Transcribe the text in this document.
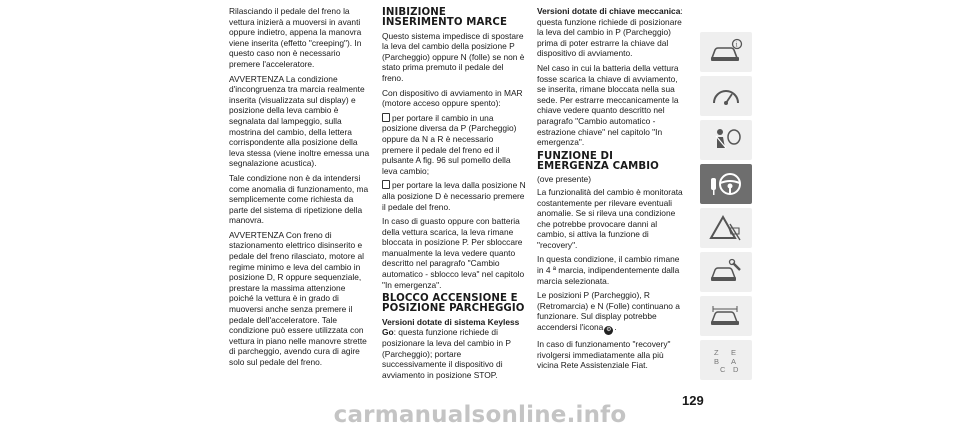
Rilasciando il pedale del freno la vettura inizierà a muoversi in avanti oppure indietro, appena la manovra viene inserita (effetto "creeping"). In questo caso non è necessario premere l'acceleratore.

AVVERTENZA La condizione d'incongruenza tra marcia realmente inserita (visualizzata sul display) e posizione della leva cambio è segnalata dal lampeggio, sulla mostrina del cambio, della lettera corrispondente alla posizione della leva stessa (viene inoltre emessa una segnalazione acustica).

Tale condizione non è da intendersi come anomalia di funzionamento, ma semplicemente come richiesta da parte del sistema di ripetizione della manovra.

AVVERTENZA Con freno di stazionamento elettrico disinserito e pedale del freno rilasciato, motore al regime minimo e leva del cambio in posizione D, R oppure sequenziale, prestare la massima attenzione poiché la vettura è in grado di muoversi anche senza premere il pedale dell'acceleratore. Tale condizione può essere utilizzata con vettura in piano nelle manovre strette di parcheggio, avendo cura di agire solo sul pedale del freno.

INIBIZIONE INSERIMENTO MARCE

Questo sistema impedisce di spostare la leva del cambio della posizione P (Parcheggio) oppure N (folle) se non è stato prima premuto il pedale del freno.

Con dispositivo di avviamento in MAR (motore acceso oppure spento):

per portare il cambio in una posizione diversa da P (Parcheggio) oppure da N a R è necessario premere il pedale del freno ed il pulsante A fig. 96 sul pomello della leva cambio;

per portare la leva dalla posizione N alla posizione D è necessario premere il pedale del freno.

In caso di guasto oppure con batteria della vettura scarica, la leva rimane bloccata in posizione P. Per sbloccare manualmente la leva vedere quanto descritto nel paragrafo "Cambio automatico - sblocco leva" nel capitolo "In emergenza".

BLOCCO ACCENSIONE E POSIZIONE PARCHEGGIO

Versioni dotate di sistema Keyless Go: questa funzione richiede di posizionare la leva del cambio in P (Parcheggio); portare successivamente il dispositivo di avviamento in posizione STOP.

Versioni dotate di chiave meccanica: questa funzione richiede di posizionare la leva del cambio in P (Parcheggio) prima di poter estrarre la chiave dal dispositivo di avviamento.

Nel caso in cui la batteria della vettura fosse scarica la chiave di avviamento, se inserita, rimane bloccata nella sua sede. Per estrarre meccanicamente la chiave vedere quanto descritto nel paragrafo "Cambio automatico - estrazione chiave" nel capitolo "In emergenza".

FUNZIONE DI EMERGENZA CAMBIO

(ove presente)

La funzionalità del cambio è monitorata costantemente per rilevare eventuali anomalie. Se si rileva una condizione che potrebbe provocare danni al cambio, si attiva la funzione di "recovery".

In questa condizione, il cambio rimane in 4 ª marcia, indipendentemente dalla marcia selezionata.

Le posizioni P (Parcheggio), R (Retromarcia) e N (Folle) continuano a funzionare. Sul display potrebbe accendersi l'icona ⚙ .

In caso di funzionamento "recovery" rivolgersi immediatamente alla più vicina Rete Assistenziale Fiat.

i
Z E
B A
C D
129
carmanualsonline.info
